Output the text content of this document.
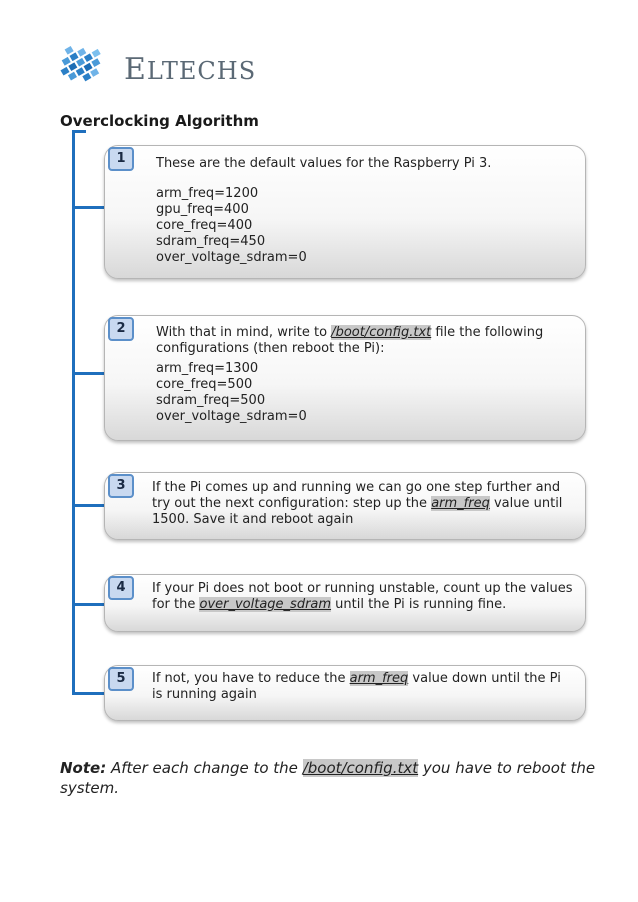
ELTECHS
Overclocking Algorithm
1	These are the default values for the Raspberry Pi 3.
arm_freq=1200
gpu_freq=400
core_freq=400
sdram_freq=450
over_voltage_sdram=0
2	With that in mind, write to /boot/config.txt file the following configurations (then reboot the Pi):
arm_freq=1300
core_freq=500
sdram_freq=500
over_voltage_sdram=0
3	If the Pi comes up and running we can go one step further and try out the next configuration: step up the arm_freq value until 1500. Save it and reboot again
4	If your Pi does not boot or running unstable, count up the values for the over_voltage_sdram until the Pi is running fine.
5	If not, you have to reduce the arm_freq value down until the Pi is running again
Note: After each change to the /boot/config.txt you have to reboot the system.
